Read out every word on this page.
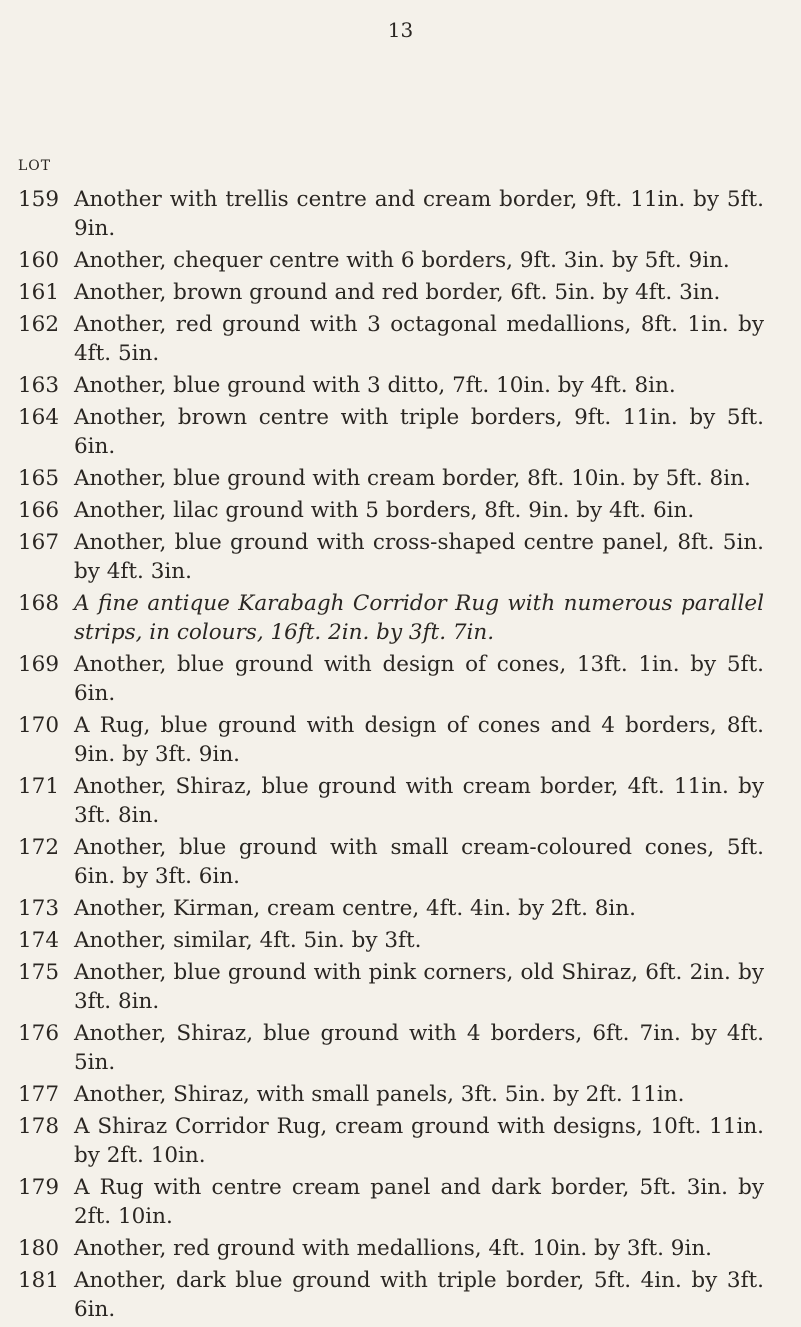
13
LOT
159 Another with trellis centre and cream border, 9ft. 11in. by 5ft. 9in.
160 Another, chequer centre with 6 borders, 9ft. 3in. by 5ft. 9in.
161 Another, brown ground and red border, 6ft. 5in. by 4ft. 3in.
162 Another, red ground with 3 octagonal medallions, 8ft. 1in. by 4ft. 5in.
163 Another, blue ground with 3 ditto, 7ft. 10in. by 4ft. 8in.
164 Another, brown centre with triple borders, 9ft. 11in. by 5ft. 6in.
165 Another, blue ground with cream border, 8ft. 10in. by 5ft. 8in.
166 Another, lilac ground with 5 borders, 8ft. 9in. by 4ft. 6in.
167 Another, blue ground with cross-shaped centre panel, 8ft. 5in. by 4ft. 3in.
168 A fine antique Karabagh Corridor Rug with numerous parallel strips, in colours, 16ft. 2in. by 3ft. 7in.
169 Another, blue ground with design of cones, 13ft. 1in. by 5ft. 6in.
170 A Rug, blue ground with design of cones and 4 borders, 8ft. 9in. by 3ft. 9in.
171 Another, Shiraz, blue ground with cream border, 4ft. 11in. by 3ft. 8in.
172 Another, blue ground with small cream-coloured cones, 5ft. 6in. by 3ft. 6in.
173 Another, Kirman, cream centre, 4ft. 4in. by 2ft. 8in.
174 Another, similar, 4ft. 5in. by 3ft.
175 Another, blue ground with pink corners, old Shiraz, 6ft. 2in. by 3ft. 8in.
176 Another, Shiraz, blue ground with 4 borders, 6ft. 7in. by 4ft. 5in.
177 Another, Shiraz, with small panels, 3ft. 5in. by 2ft. 11in.
178 A Shiraz Corridor Rug, cream ground with designs, 10ft. 11in. by 2ft. 10in.
179 A Rug with centre cream panel and dark border, 5ft. 3in. by 2ft. 10in.
180 Another, red ground with medallions, 4ft. 10in. by 3ft. 9in.
181 Another, dark blue ground with triple border, 5ft. 4in. by 3ft. 6in.
